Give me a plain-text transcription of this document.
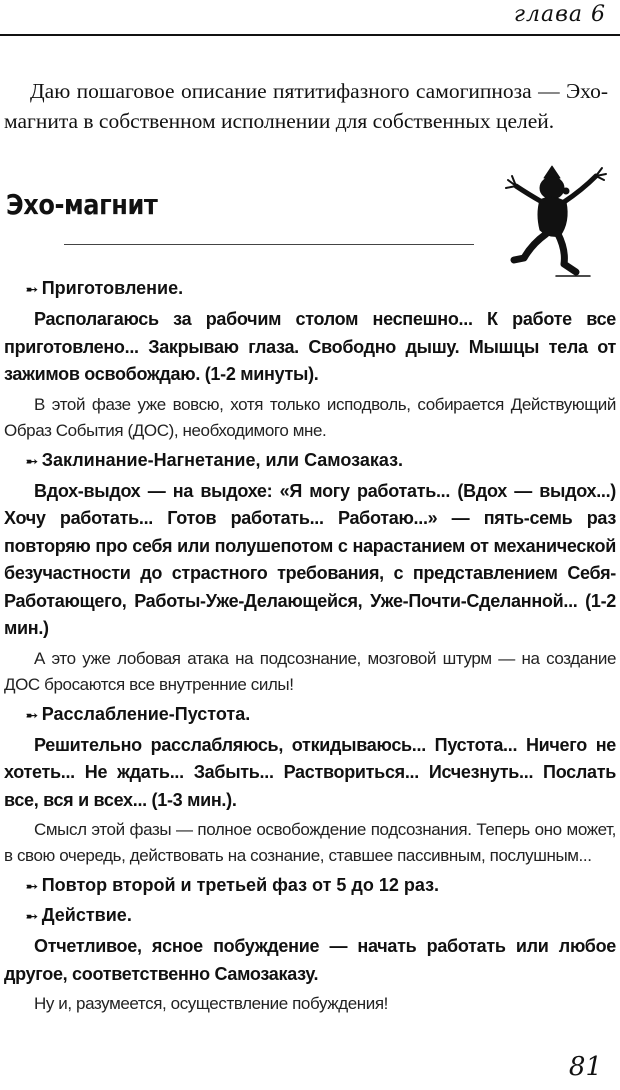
глава 6

Даю пошаговое описание пятитифазного самогипноза — Эхо-магнита в собственном исполнении для собственных целей.

Эхо-магнит

➸ Приготовление.

Располагаюсь за рабочим столом неспешно... К работе все приготовлено... Закрываю глаза. Свободно дышу. Мышцы тела от зажимов освобождаю. (1-2 минуты).

В этой фазе уже вовсю, хотя только исподволь, собирается Действующий Образ События (ДОС), необходимого мне.

➸ Заклинание-Нагнетание, или Самозаказ.

Вдох-выдох — на выдохе: «Я могу работать... (Вдох — выдох...) Хочу работать... Готов работать... Работаю...» — пять-семь раз повторяю про себя или полушепотом с нарастанием от механической безучастности до страстного требования, с представлением Себя-Работающего, Работы-Уже-Делающейся, Уже-Почти-Сделанной... (1-2 мин.)

А это уже лобовая атака на подсознание, мозговой штурм — на создание ДОС бросаются все внутренние силы!

➸ Расслабление-Пустота.

Решительно расслабляюсь, откидываюсь... Пустота... Ничего не хотеть... Не ждать... Забыть... Раствориться... Исчезнуть... Послать все, вся и всех... (1-3 мин.).

Смысл этой фазы — полное освобождение подсознания. Теперь оно может, в свою очередь, действовать на сознание, ставшее пассивным, послушным...

➸ Повтор второй и третьей фаз от 5 до 12 раз.

➸ Действие.

Отчетливое, ясное побуждение — начать работать или любое другое, соответственно Самозаказу.

Ну и, разумеется, осуществление побуждения!

81
